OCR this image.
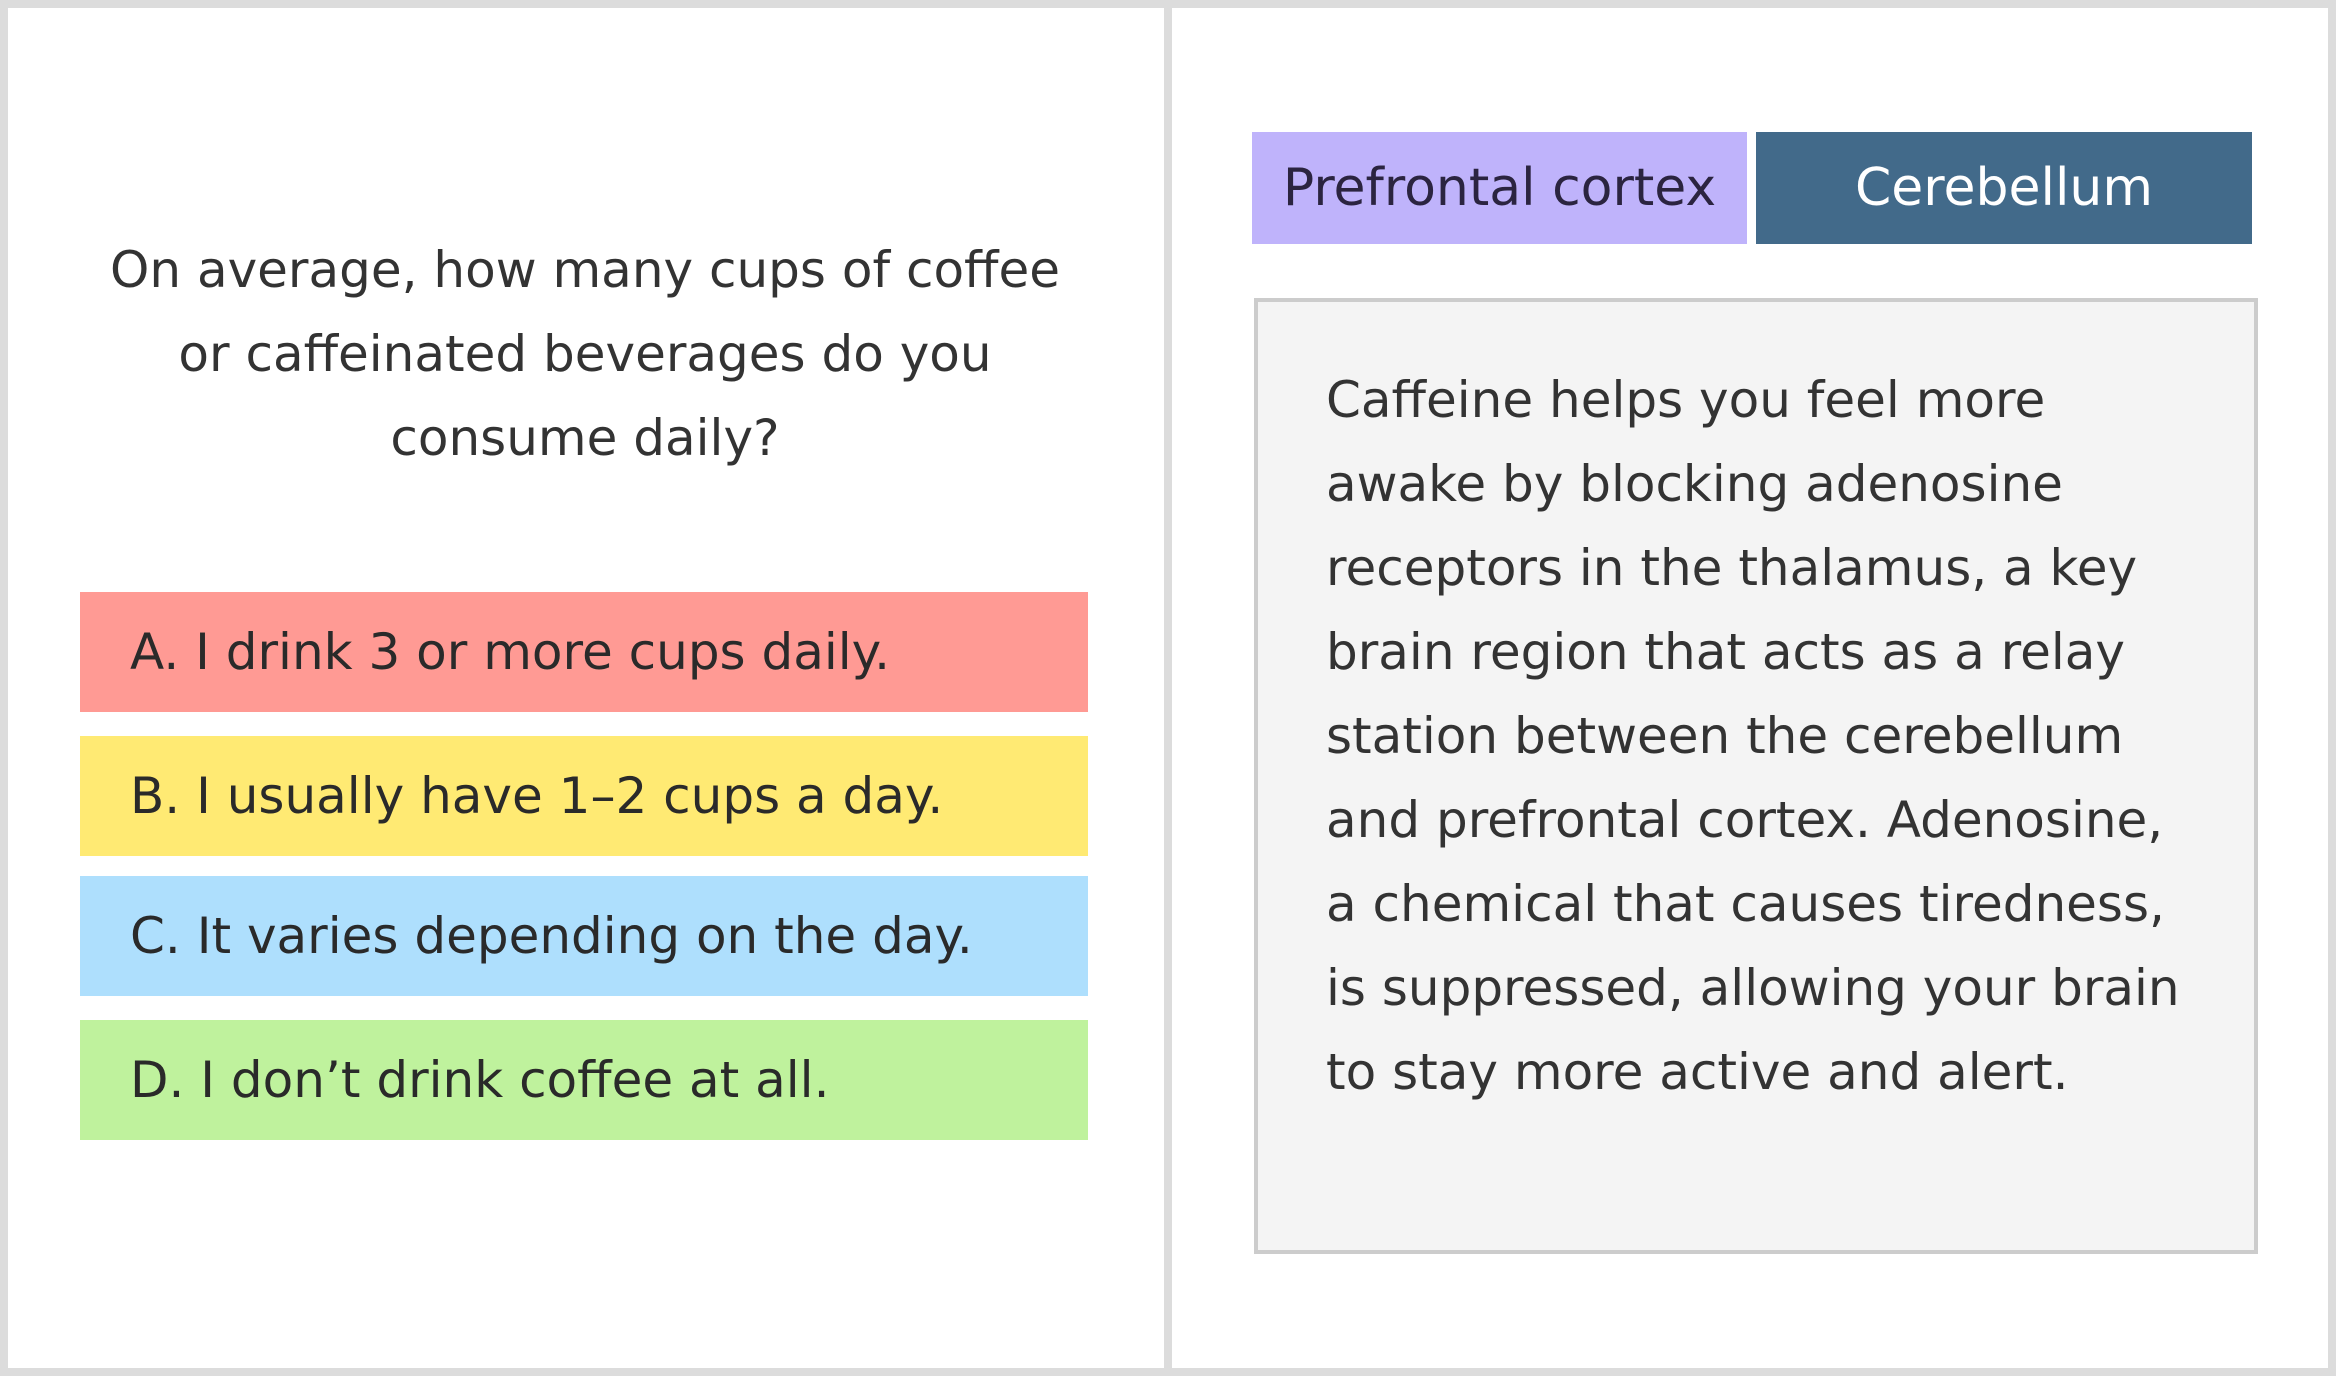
On average, how many cups of coffee or caffeinated beverages do you consume daily?

A. I drink 3 or more cups daily.
B. I usually have 1–2 cups a day.
C. It varies depending on the day.
D. I don’t drink coffee at all.
Prefrontal cortex	Cerebellum

Caffeine helps you feel more awake by blocking adenosine receptors in the thalamus, a key brain region that acts as a relay station between the cerebellum and prefrontal cortex. Adenosine, a chemical that causes tiredness, is suppressed, allowing your brain to stay more active and alert.
